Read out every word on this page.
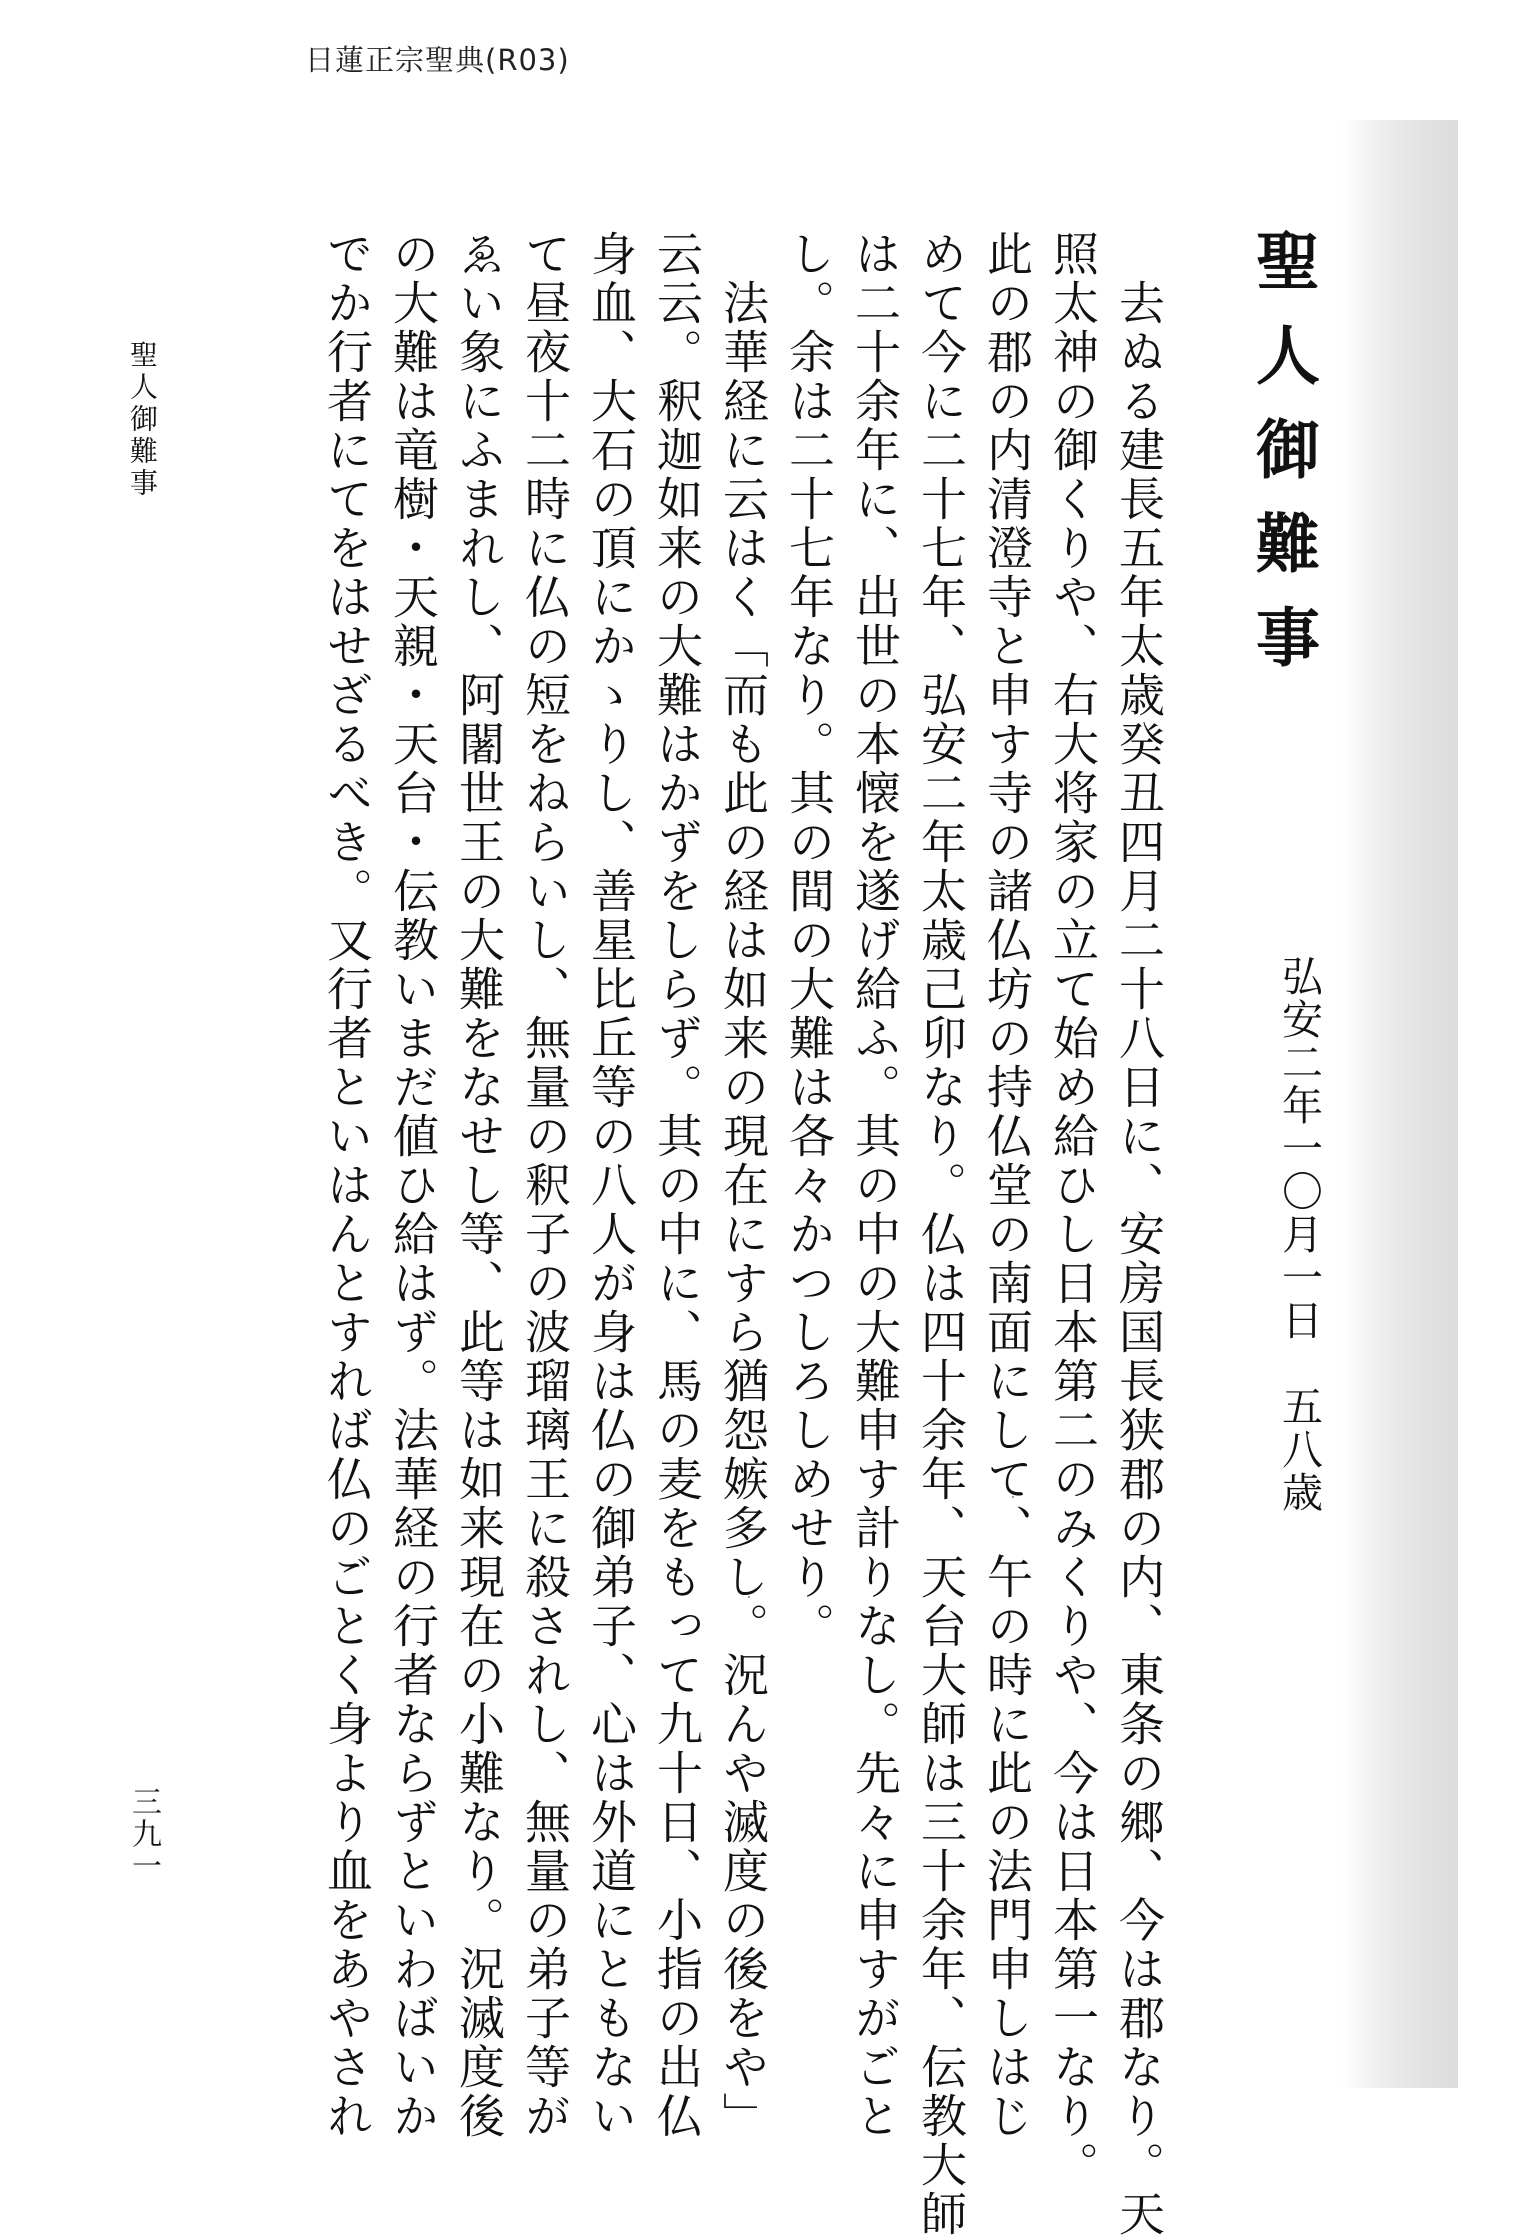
日蓮正宗聖典(R03)
聖人御難事
弘安二年一〇月一日　五八歳
　去ぬる建長五年太歳癸丑四月二十八日に、安房国長狭郡の内、東条の郷、今は郡なり。天
照太神の御くりや、右大将家の立て始め給ひし日本第二のみくりや、今は日本第一なり。
此の郡の内清澄寺と申す寺の諸仏坊の持仏堂の南面にして、午の時に此の法門申しはじ
めて今に二十七年、弘安二年太歳己卯なり。仏は四十余年、天台大師は三十余年、伝教大師
は二十余年に、出世の本懐を遂げ給ふ。其の中の大難申す計りなし。先々に申すがごと
し。余は二十七年なり。其の間の大難は各々かつしろしめせり。
　法華経に云はく「而も此の経は如来の現在にすら猶怨嫉多し。況んや滅度の後をや」
云云。釈迦如来の大難はかずをしらず。其の中に、馬の麦をもって九十日、小指の出仏
身血、大石の頂にかゝりし、善星比丘等の八人が身は仏の御弟子、心は外道にともない
て昼夜十二時に仏の短をねらいし、無量の釈子の波瑠璃王に殺されし、無量の弟子等が
ゑい象にふまれし、阿闍世王の大難をなせし等、此等は如来現在の小難なり。況滅度後
の大難は竜樹・天親・天台・伝教いまだ値ひ給はず。法華経の行者ならずといわばいか
でか行者にてをはせざるべき。又行者といはんとすれば仏のごとく身より血をあやされ
聖人御難事
三九一
